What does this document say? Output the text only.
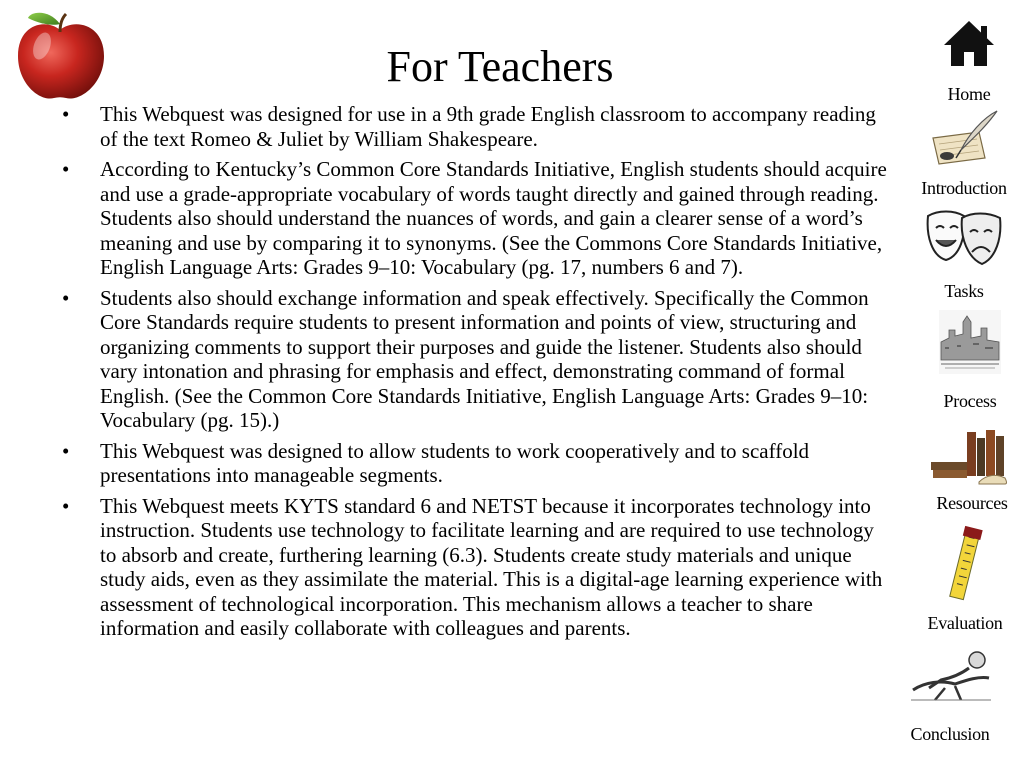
For Teachers
• This Webquest was designed for use in a 9th grade English classroom to accompany reading of the text Romeo & Juliet by William Shakespeare.
• According to Kentucky’s Common Core Standards Initiative, English students should acquire and use a grade-appropriate vocabulary of words taught directly and gained through reading. Students also should understand the nuances of words, and gain a clearer sense of a word’s meaning and use by comparing it to synonyms. (See the Commons Core Standards Initiative, English Language Arts: Grades 9–10: Vocabulary (pg. 17, numbers 6 and 7).
• Students also should exchange information and speak effectively. Specifically the Common Core Standards require students to present information and points of view, structuring and organizing comments to support their purposes and guide the listener. Students also should vary intonation and phrasing for emphasis and effect, demonstrating command of formal English. (See the Common Core Standards Initiative, English Language Arts: Grades 9–10: Vocabulary (pg. 15).)
• This Webquest was designed to allow students to work cooperatively and to scaffold presentations into manageable segments.
• This Webquest meets KYTS standard 6 and NETST because it incorporates technology into instruction. Students use technology to facilitate learning and are required to use technology to absorb and create, furthering learning (6.3). Students create study materials and unique study aids, even as they assimilate the material. This is a digital-age learning experience with assessment of technological incorporation. This mechanism allows a teacher to share information and easily collaborate with colleagues and parents.
Home
Introduction
Tasks
Process
Resources
Evaluation
Conclusion
